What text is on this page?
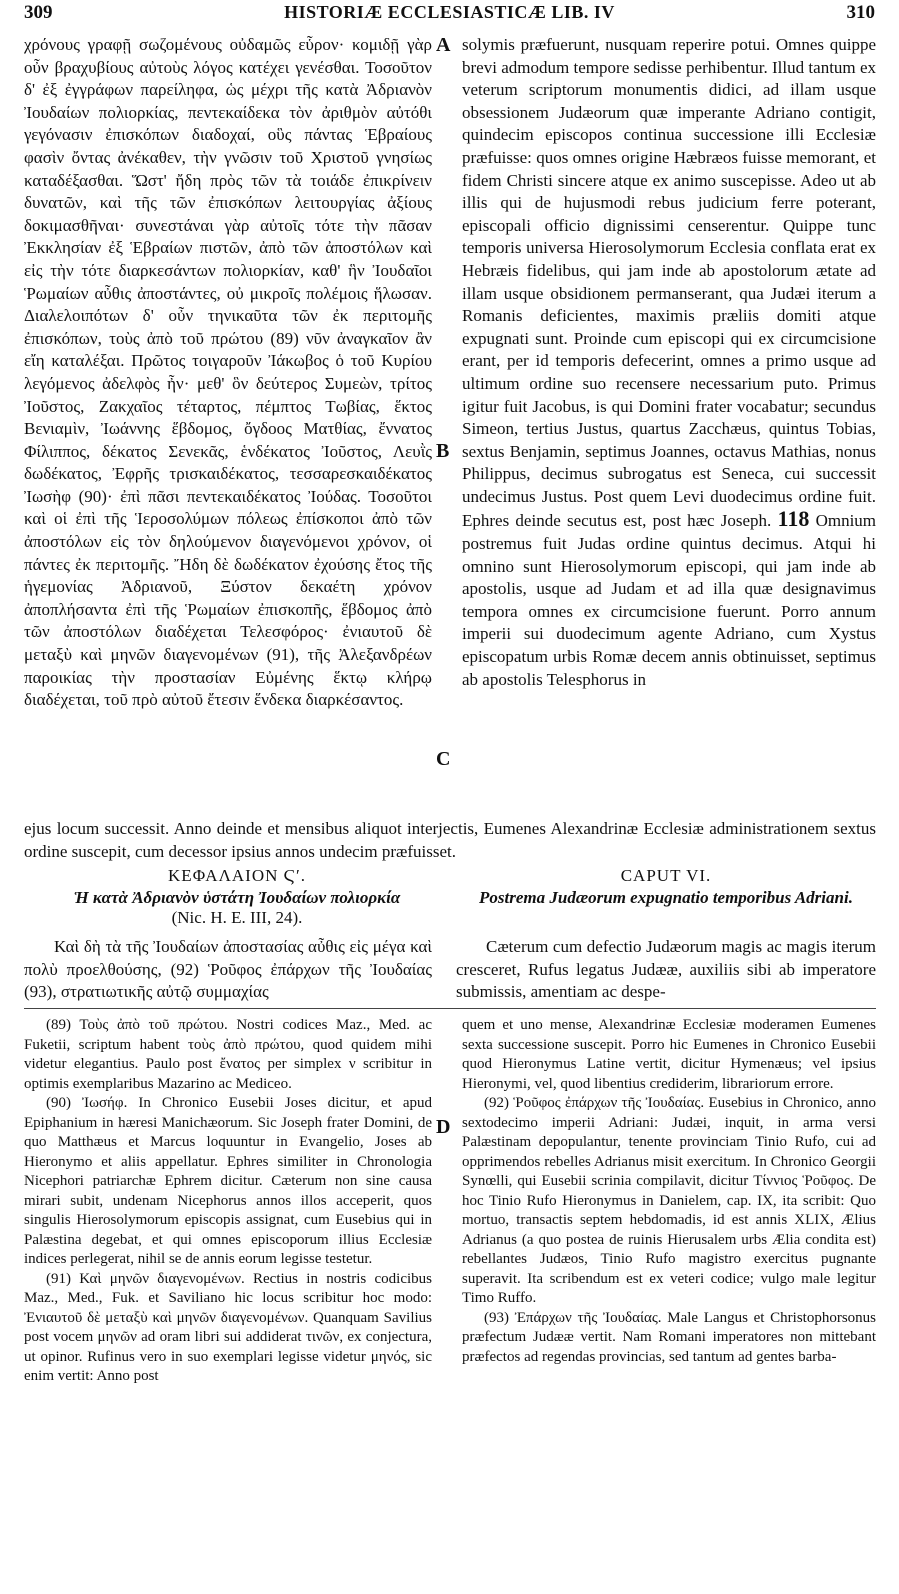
309	HISTORIÆ ECCLESIASTICÆ LIB. IV	310
A
B
C
D

χρόνους γραφῇ σωζομένους οὐδαμῶς εὗρον· κομιδῇ γὰρ οὖν βραχυβίους αὐτοὺς λόγος κατέχει γενέσθαι. Τοσοῦτον δ' ἐξ ἐγγράφων παρείληφα, ὡς μέχρι τῆς κατὰ Ἀδριανὸν Ἰουδαίων πολιορκίας, πεντεκαίδεκα τὸν ἀριθμὸν αὐτόθι γεγόνασιν ἐπισκόπων διαδοχαί, οὓς πάντας Ἑβραίους φασὶν ὄντας ἀνέκαθεν, τὴν γνῶσιν τοῦ Χριστοῦ γνησίως καταδέξασθαι. Ὥστ' ἤδη πρὸς τῶν τὰ τοιάδε ἐπικρίνειν δυνατῶν, καὶ τῆς τῶν ἐπισκόπων λειτουργίας ἀξίους δοκιμασθῆναι· συνεστάναι γὰρ αὐτοῖς τότε τὴν πᾶσαν Ἐκκλησίαν ἐξ Ἑβραίων πιστῶν, ἀπὸ τῶν ἀποστόλων καὶ εἰς τὴν τότε διαρκεσάντων πολιορκίαν, καθ' ἣν Ἰουδαῖοι Ῥωμαίων αὖθις ἀποστάντες, οὐ μικροῖς πολέμοις ἥλωσαν. Διαλελοιπότων δ' οὖν τηνικαῦτα τῶν ἐκ περιτομῆς ἐπισκόπων, τοὺς ἀπὸ τοῦ πρώτου (89) νῦν ἀναγκαῖον ἂν εἴη καταλέξαι. Πρῶτος τοιγαροῦν Ἰάκωβος ὁ τοῦ Κυρίου λεγόμενος ἀδελφὸς ἦν· μεθ' ὃν δεύτερος Συμεὼν, τρίτος Ἰοῦστος, Ζακχαῖος τέταρτος, πέμπτος Τωβίας, ἕκτος Βενιαμὶν, Ἰωάννης ἕβδομος, ὄγδοος Ματθίας, ἔννατος Φίλιππος, δέκατος Σενεκᾶς, ἑνδέκατος Ἰοῦστος, Λευῒς δωδέκατος, Ἐφρῆς τρισκαιδέκατος, τεσσαρεσκαιδέκατος Ἰωσὴφ (90)· ἐπὶ πᾶσι πεντεκαιδέκατος Ἰούδας. Τοσοῦτοι καὶ οἱ ἐπὶ τῆς Ἱεροσολύμων πόλεως ἐπίσκοποι ἀπὸ τῶν ἀποστόλων εἰς τὸν δηλούμενον διαγενόμενοι χρόνον, οἱ πάντες ἐκ περιτομῆς. Ἤδη δὲ δωδέκατον ἐχούσης ἔτος τῆς ἡγεμονίας Ἀδριανοῦ, Ξύστον δεκαέτη χρόνον ἀποπλήσαντα ἐπὶ τῆς Ῥωμαίων ἐπισκοπῆς, ἕβδομος ἀπὸ τῶν ἀποστόλων διαδέχεται Τελεσφόρος· ἐνιαυτοῦ δὲ μεταξὺ καὶ μηνῶν διαγενομένων (91), τῆς Ἀλεξανδρέων παροικίας τὴν προστασίαν Εὐμένης ἕκτῳ κλήρῳ διαδέχεται, τοῦ πρὸ αὐτοῦ ἔτεσιν ἕνδεκα διαρκέσαντος.

solymis præfuerunt, nusquam reperire potui. Omnes quippe brevi admodum tempore sedisse perhibentur. Illud tantum ex veterum scriptorum monumentis didici, ad illam usque obsessionem Judæorum quæ imperante Adriano contigit, quindecim episcopos continua successione illi Ecclesiæ præfuisse: quos omnes origine Hæbræos fuisse memorant, et fidem Christi sincere atque ex animo suscepisse. Adeo ut ab illis qui de hujusmodi rebus judicium ferre poterant, episcopali officio dignissimi censerentur. Quippe tunc temporis universa Hierosolymorum Ecclesia conflata erat ex Hebræis fidelibus, qui jam inde ab apostolorum ætate ad illam usque obsidionem permanserant, qua Judæi iterum a Romanis deficientes, maximis præliis domiti atque expugnati sunt. Proinde cum episcopi qui ex circumcisione erant, per id temporis defecerint, omnes a primo usque ad ultimum ordine suo recensere necessarium puto. Primus igitur fuit Jacobus, is qui Domini frater vocabatur; secundus Simeon, tertius Justus, quartus Zacchæus, quintus Tobias, sextus Benjamin, septimus Joannes, octavus Mathias, nonus Philippus, decimus subrogatus est Seneca, cui successit undecimus Justus. Post quem Levi duodecimus ordine fuit. Ephres deinde secutus est, post hæc Joseph. 118 Omnium postremus fuit Judas ordine quintus decimus. Atqui hi omnino sunt Hierosolymorum episcopi, qui jam inde ab apostolis, usque ad Judam et ad illa quæ designavimus tempora omnes ex circumcisione fuerunt. Porro annum imperii sui duodecimum agente Adriano, cum Xystus episcopatum urbis Romæ decem annis obtinuisset, septimus ab apostolis Telesphorus in

ejus locum successit. Anno deinde et mensibus aliquot interjectis, Eumenes Alexandrinæ Ecclesiæ administrationem sextus ordine suscepit, cum decessor ipsius annos undecim præfuisset.
ΚΕΦΑΛΑΙΟΝ Ϛʹ.
Ἡ κατὰ Ἀδριανὸν ὑστάτη Ἰουδαίων πολιορκία
(Nic. H. E. III, 24).
CAPUT VI.
Postrema Judæorum expugnatio temporibus Adriani.
Καὶ δὴ τὰ τῆς Ἰουδαίων ἀποστασίας αὖθις εἰς μέγα καὶ πολὺ προελθούσης, (92) Ῥοῦφος ἐπάρχων τῆς Ἰουδαίας (93), στρατιωτικῆς αὐτῷ συμμαχίας
Cæterum cum defectio Judæorum magis ac magis iterum cresceret, Rufus legatus Judææ, auxiliis sibi ab imperatore submissis, amentiam ac despe-

(89) Τοὺς ἀπὸ τοῦ πρώτου. Nostri codices Maz., Med. ac Fuketii, scriptum habent τοὺς ἀπὸ πρώτου, quod quidem mihi videtur elegantius. Paulo post ἔνατος per simplex ν scribitur in optimis exemplaribus Mazarino ac Mediceo.

(90) Ἰωσήφ. In Chronico Eusebii Joses dicitur, et apud Epiphanium in hæresi Manichæorum. Sic Joseph frater Domini, de quo Matthæus et Marcus loquuntur in Evangelio, Joses ab Hieronymo et aliis appellatur. Ephres similiter in Chronologia Nicephori patriarchæ Ephrem dicitur. Cæterum non sine causa mirari subit, undenam Nicephorus annos illos acceperit, quos singulis Hierosolymorum episcopis assignat, cum Eusebius qui in Palæstina degebat, et qui omnes episcoporum illius Ecclesiæ indices perlegerat, nihil se de annis eorum legisse testetur.

(91) Καὶ μηνῶν διαγενομένων. Rectius in nostris codicibus Maz., Med., Fuk. et Saviliano hic locus scribitur hoc modo: Ἐνιαυτοῦ δὲ μεταξὺ καὶ μηνῶν διαγενομένων. Quanquam Savilius post vocem μηνῶν ad oram libri sui addiderat τινῶν, ex conjectura, ut opinor. Rufinus vero in suo exemplari legisse videtur μηνός, sic enim vertit: Anno post

quem et uno mense, Alexandrinæ Ecclesiæ moderamen Eumenes sexta successione suscepit. Porro hic Eumenes in Chronico Eusebii quod Hieronymus Latine vertit, dicitur Hymenæus; vel ipsius Hieronymi, vel, quod libentius crediderim, librariorum errore.

(92) Ῥοῦφος ἐπάρχων τῆς Ἰουδαίας. Eusebius in Chronico, anno sextodecimo imperii Adriani: Judæi, inquit, in arma versi Palæstinam depopulantur, tenente provinciam Tinio Rufo, cui ad opprimendos rebelles Adrianus misit exercitum. In Chronico Georgii Synœlli, qui Eusebii scrinia compilavit, dicitur Τίννιος Ῥοῦφος. De hoc Tinio Rufo Hieronymus in Danielem, cap. IX, ita scribit: Quo mortuo, transactis septem hebdomadis, id est annis XLIX, Ælius Adrianus (a quo postea de ruinis Hierusalem urbs Ælia condita est) rebellantes Judæos, Tinio Rufo magistro exercitus pugnante superavit. Ita scribendum est ex veteri codice; vulgo male legitur Timo Ruffo.

(93) Ἐπάρχων τῆς Ἰουδαίας. Male Langus et Christophorsonus præfectum Judææ vertit. Nam Romani imperatores non mittebant præfectos ad regendas provincias, sed tantum ad gentes barba-
